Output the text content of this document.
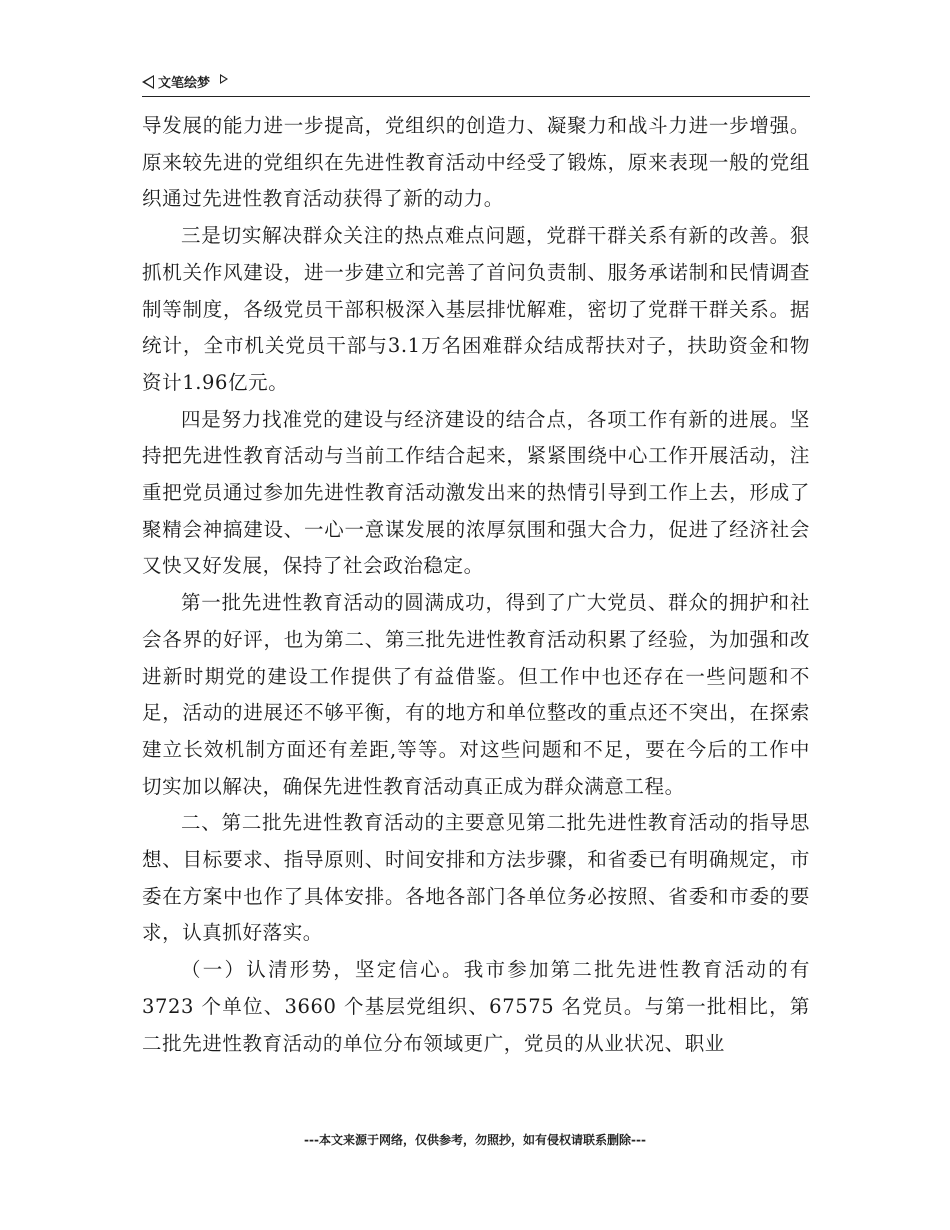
文笔绘梦

导发展的能力进一步提高，党组织的创造力、凝聚力和战斗力进一步增强。原来较先进的党组织在先进性教育活动中经受了锻炼，原来表现一般的党组织通过先进性教育活动获得了新的动力。

三是切实解决群众关注的热点难点问题，党群干群关系有新的改善。狠抓机关作风建设，进一步建立和完善了首问负责制、服务承诺制和民情调查制等制度，各级党员干部积极深入基层排忧解难，密切了党群干群关系。据统计，全市机关党员干部与3.1万名困难群众结成帮扶对子，扶助资金和物资计1.96亿元。

四是努力找准党的建设与经济建设的结合点，各项工作有新的进展。坚持把先进性教育活动与当前工作结合起来，紧紧围绕中心工作开展活动，注重把党员通过参加先进性教育活动激发出来的热情引导到工作上去，形成了聚精会神搞建设、一心一意谋发展的浓厚氛围和强大合力，促进了经济社会又快又好发展，保持了社会政治稳定。

第一批先进性教育活动的圆满成功，得到了广大党员、群众的拥护和社会各界的好评，也为第二、第三批先进性教育活动积累了经验，为加强和改进新时期党的建设工作提供了有益借鉴。但工作中也还存在一些问题和不足，活动的进展还不够平衡，有的地方和单位整改的重点还不突出，在探索建立长效机制方面还有差距,等等。对这些问题和不足，要在今后的工作中切实加以解决，确保先进性教育活动真正成为群众满意工程。

二、第二批先进性教育活动的主要意见第二批先进性教育活动的指导思想、目标要求、指导原则、时间安排和方法步骤，和省委已有明确规定，市委在方案中也作了具体安排。各地各部门各单位务必按照、省委和市委的要求，认真抓好落实。

（一）认清形势，坚定信心。我市参加第二批先进性教育活动的有 3723 个单位、3660 个基层党组织、67575 名党员。与第一批相比，第二批先进性教育活动的单位分布领域更广，党员的从业状况、职业

---本文来源于网络，仅供参考，勿照抄，如有侵权请联系删除---
